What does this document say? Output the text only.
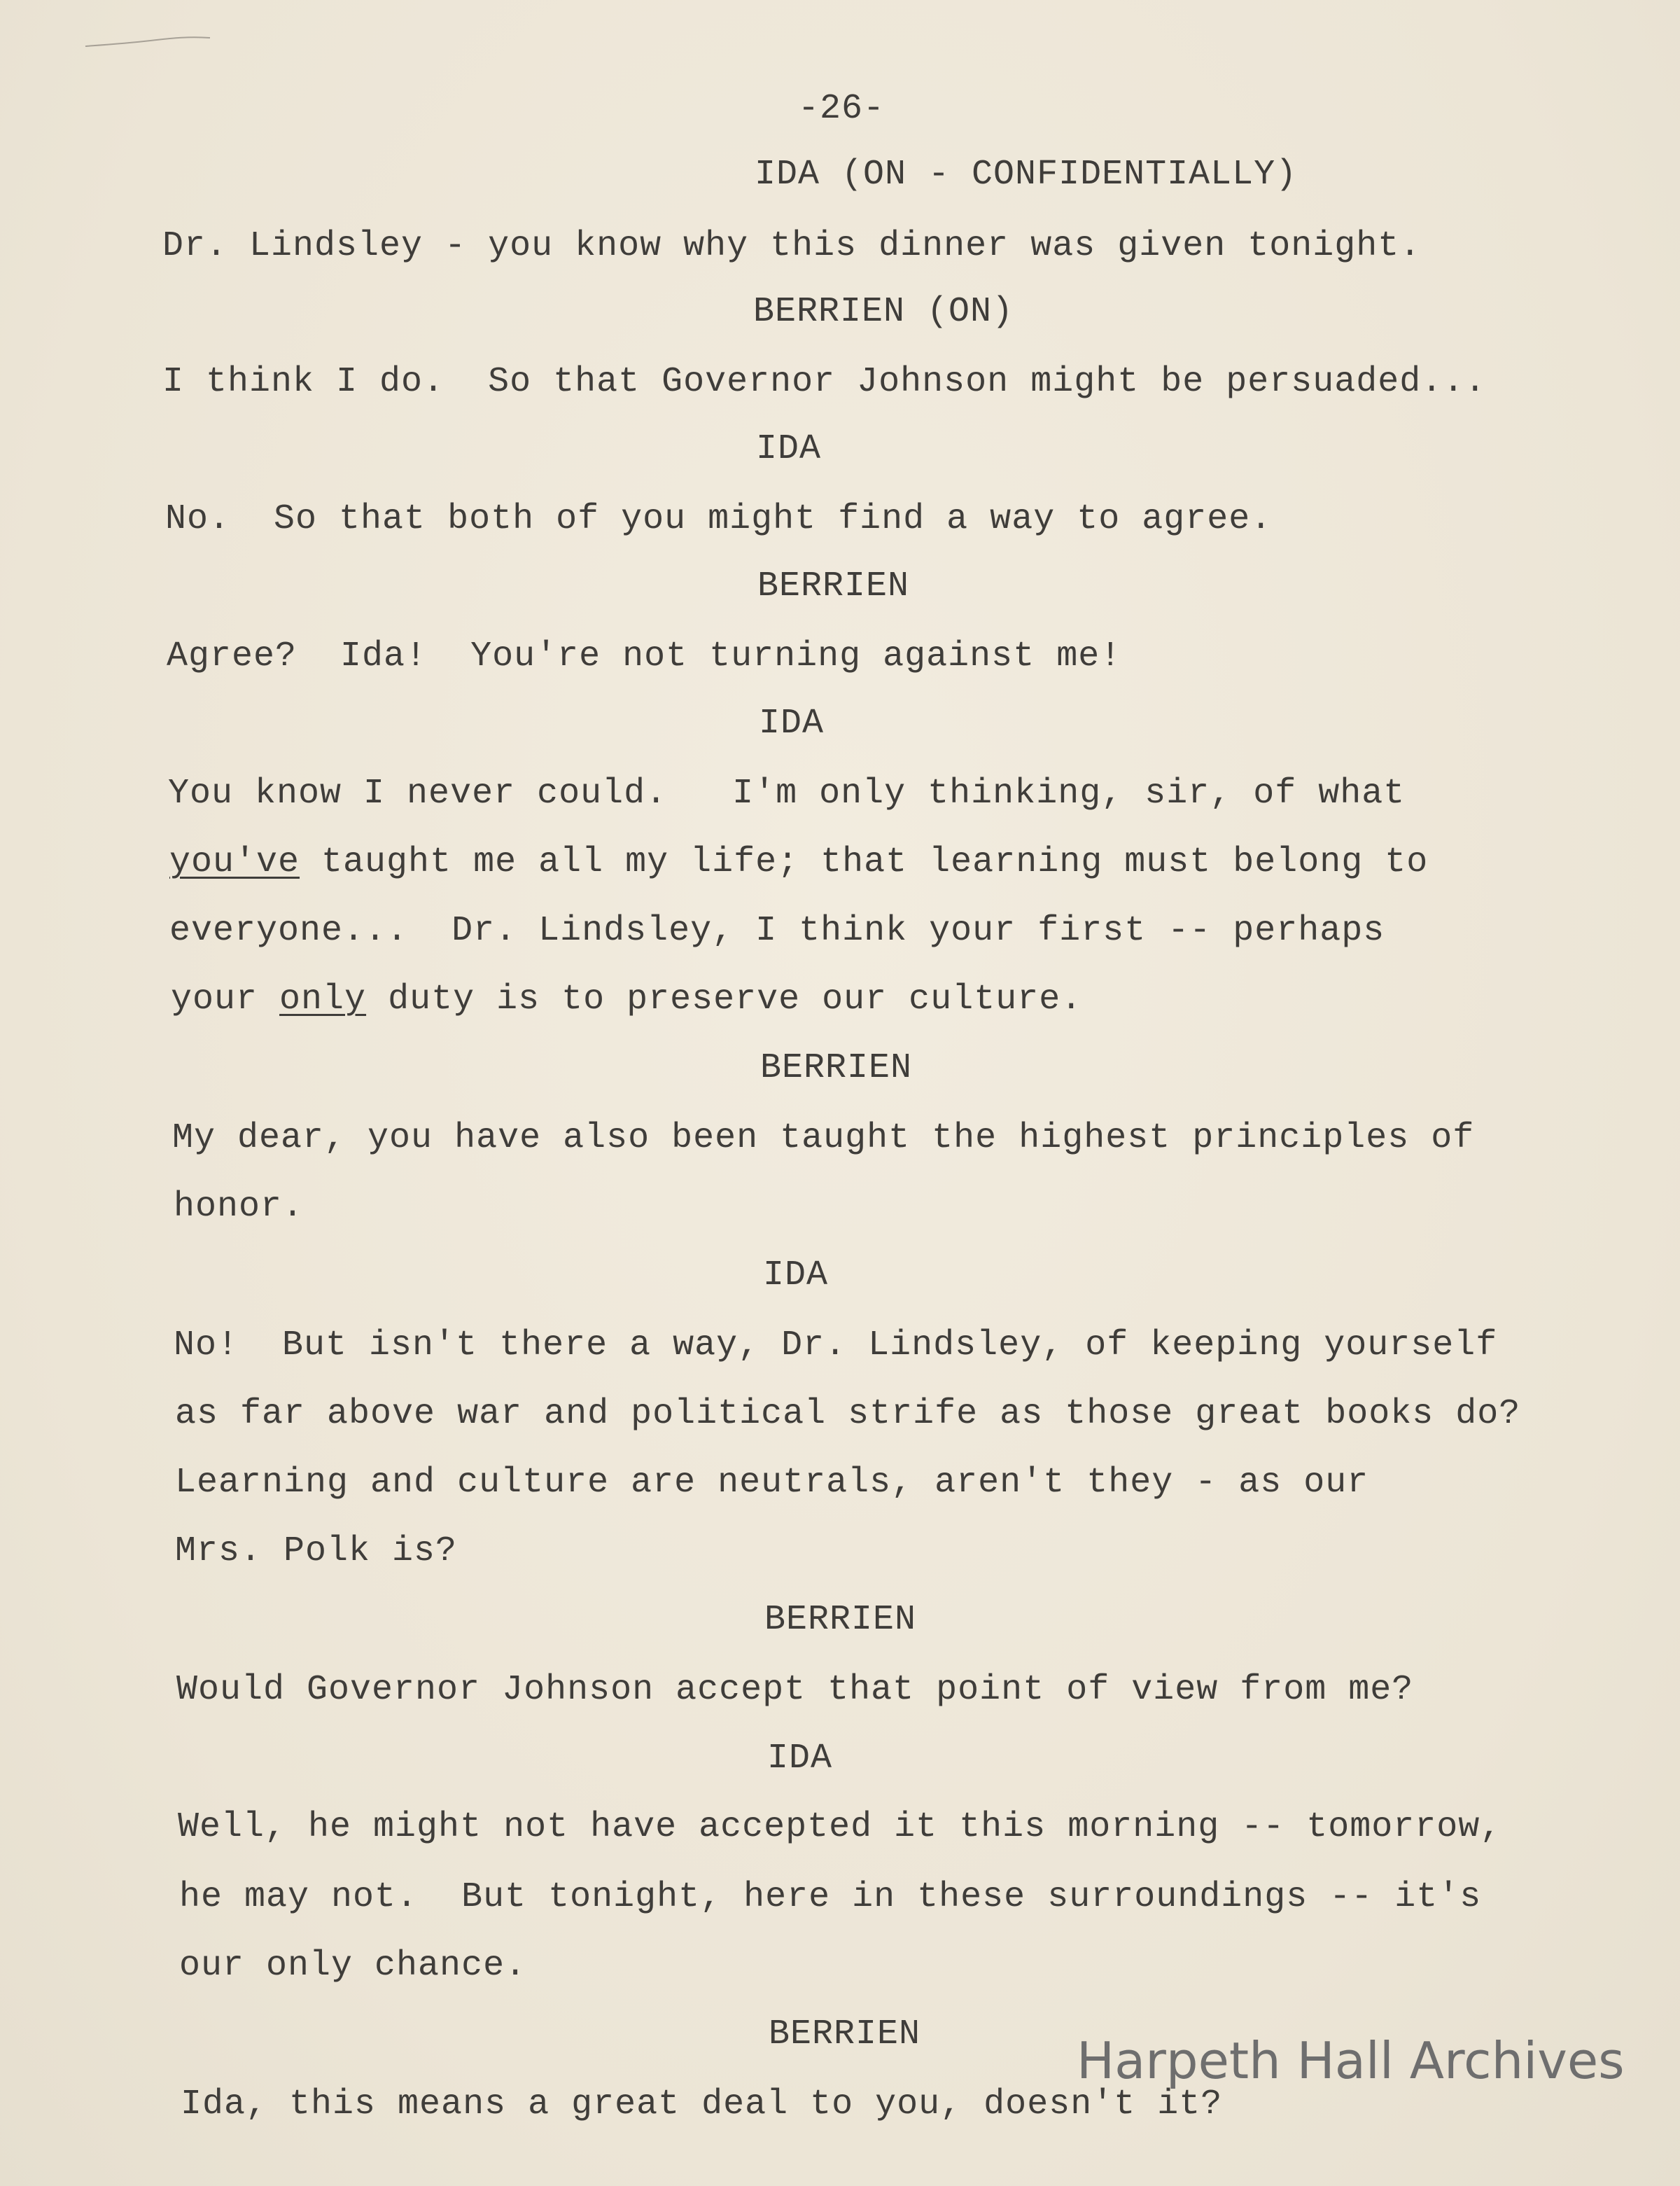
-26-
IDA (ON - CONFIDENTIALLY)
Dr. Lindsley - you know why this dinner was given tonight.
BERRIEN (ON)
I think I do.  So that Governor Johnson might be persuaded...
IDA
No.  So that both of you might find a way to agree.
BERRIEN
Agree?  Ida!  You're not turning against me!
IDA
You know I never could.   I'm only thinking, sir, of what
you've taught me all my life; that learning must belong to
everyone...  Dr. Lindsley, I think your first -- perhaps
your only duty is to preserve our culture.
BERRIEN
My dear, you have also been taught the highest principles of
honor.
IDA
No!  But isn't there a way, Dr. Lindsley, of keeping yourself
as far above war and political strife as those great books do?
Learning and culture are neutrals, aren't they - as our
Mrs. Polk is?
BERRIEN
Would Governor Johnson accept that point of view from me?
IDA
Well, he might not have accepted it this morning -- tomorrow,
he may not.  But tonight, here in these surroundings -- it's
our only chance.
BERRIEN
Ida, this means a great deal to you, doesn't it?
Harpeth Hall Archives
